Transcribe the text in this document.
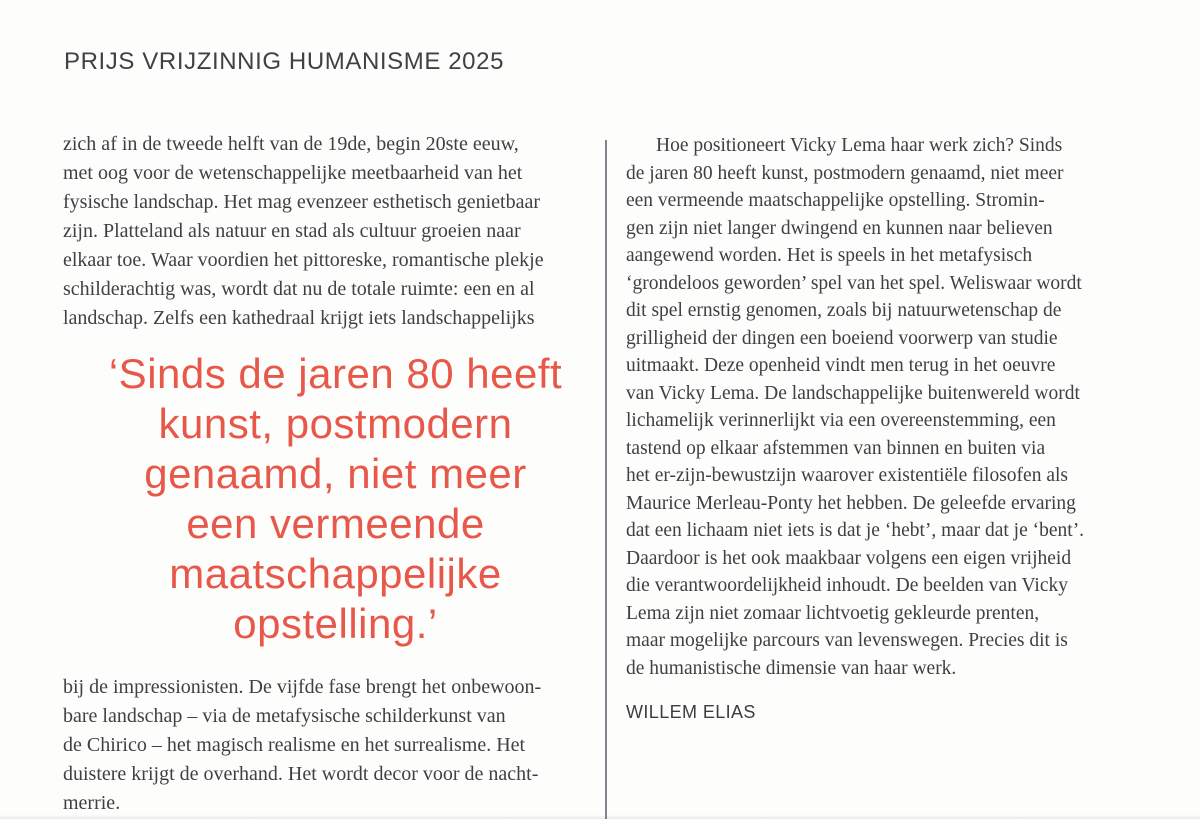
PRIJS VRIJZINNIG HUMANISME 2025
zich af in de tweede helft van de 19de, begin 20ste eeuw,
met oog voor de wetenschappelijke meetbaarheid van het
fysische landschap. Het mag evenzeer esthetisch genietbaar
zijn. Platteland als natuur en stad als cultuur groeien naar
elkaar toe. Waar voordien het pittoreske, romantische plekje
schilderachtig was, wordt dat nu de totale ruimte: een en al
landschap. Zelfs een kathedraal krijgt iets landschappelijks
‘Sinds de jaren 80 heeft
kunst, postmodern
genaamd, niet meer
een vermeende
maatschappelijke
opstelling.’
bij de impressionisten. De vijfde fase brengt het onbewoon-
bare landschap – via de metafysische schilderkunst van
de Chirico – het magisch realisme en het surrealisme. Het
duistere krijgt de overhand. Het wordt decor voor de nacht-
merrie.
Hoe positioneert Vicky Lema haar werk zich? Sinds
de jaren 80 heeft kunst, postmodern genaamd, niet meer
een vermeende maatschappelijke opstelling. Stromin-
gen zijn niet langer dwingend en kunnen naar believen
aangewend worden. Het is speels in het metafysisch
‘grondeloos geworden’ spel van het spel. Weliswaar wordt
dit spel ernstig genomen, zoals bij natuurwetenschap de
grilligheid der dingen een boeiend voorwerp van studie
uitmaakt. Deze openheid vindt men terug in het oeuvre
van Vicky Lema. De landschappelijke buitenwereld wordt
lichamelijk verinnerlijkt via een overeenstemming, een
tastend op elkaar afstemmen van binnen en buiten via
het er-zijn-bewustzijn waarover existentiële filosofen als
Maurice Merleau-Ponty het hebben. De geleefde ervaring
dat een lichaam niet iets is dat je ‘hebt’, maar dat je ‘bent’.
Daardoor is het ook maakbaar volgens een eigen vrijheid
die verantwoordelijkheid inhoudt. De beelden van Vicky
Lema zijn niet zomaar lichtvoetig gekleurde prenten,
maar mogelijke parcours van levenswegen. Precies dit is
de humanistische dimensie van haar werk.
WILLEM ELIAS
